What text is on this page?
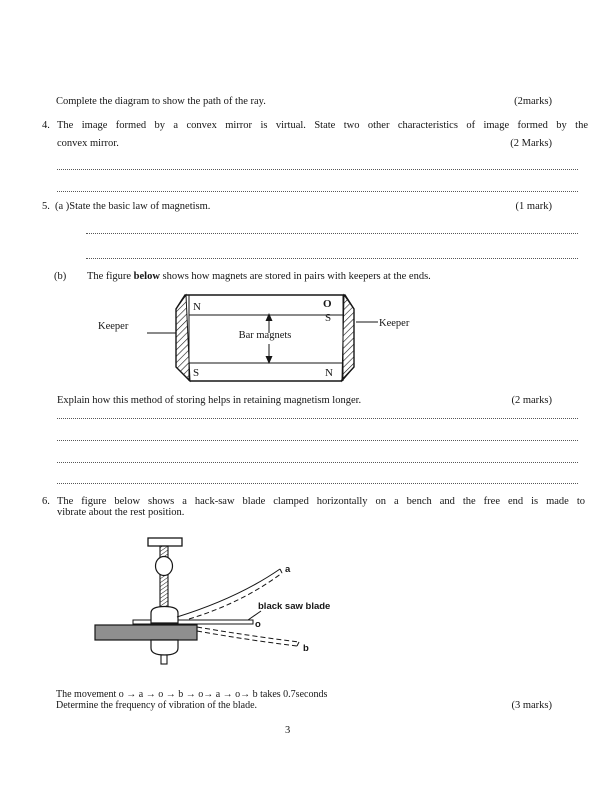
Complete the diagram to show the path of the ray.	(2marks)
4. The image formed by a convex mirror is virtual. State two other characteristics of image formed by the
convex mirror.	(2 Marks)
5. (a )State the basic law of magnetism.	(1 mark)
(b) The figure below shows how magnets are stored in pairs with keepers at the ends.
N	O
S
S	N
Bar magnets
Keeper	Keeper
Explain how this method of storing helps in retaining magnetism longer.	(2 marks)
6. The figure below shows a hack-saw blade clamped horizontally on a bench and the free end is made to
vibrate about the rest position.
black saw blade
a
o
b
The movement o → a → o → b → o→ a → o→ b takes 0.7seconds
Determine the frequency of vibration of the blade.	(3 marks)
3
